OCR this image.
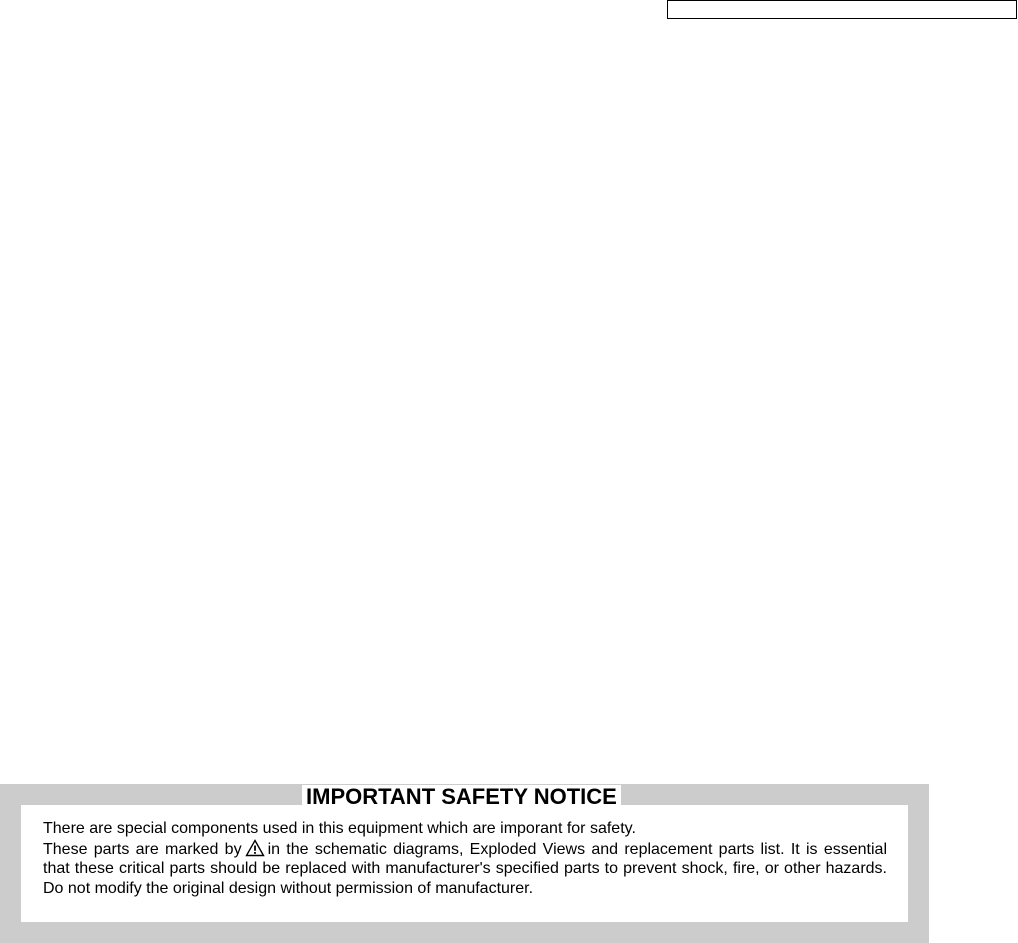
IMPORTANT SAFETY NOTICE

There are special components used in this equipment which are imporant for safety.

These parts are marked by in the schematic diagrams, Exploded Views and replacement parts list. It is essential that these critical parts should be replaced with manufacturer's specified parts to prevent shock, fire, or other hazards. Do not modify the original design without permission of manufacturer.
